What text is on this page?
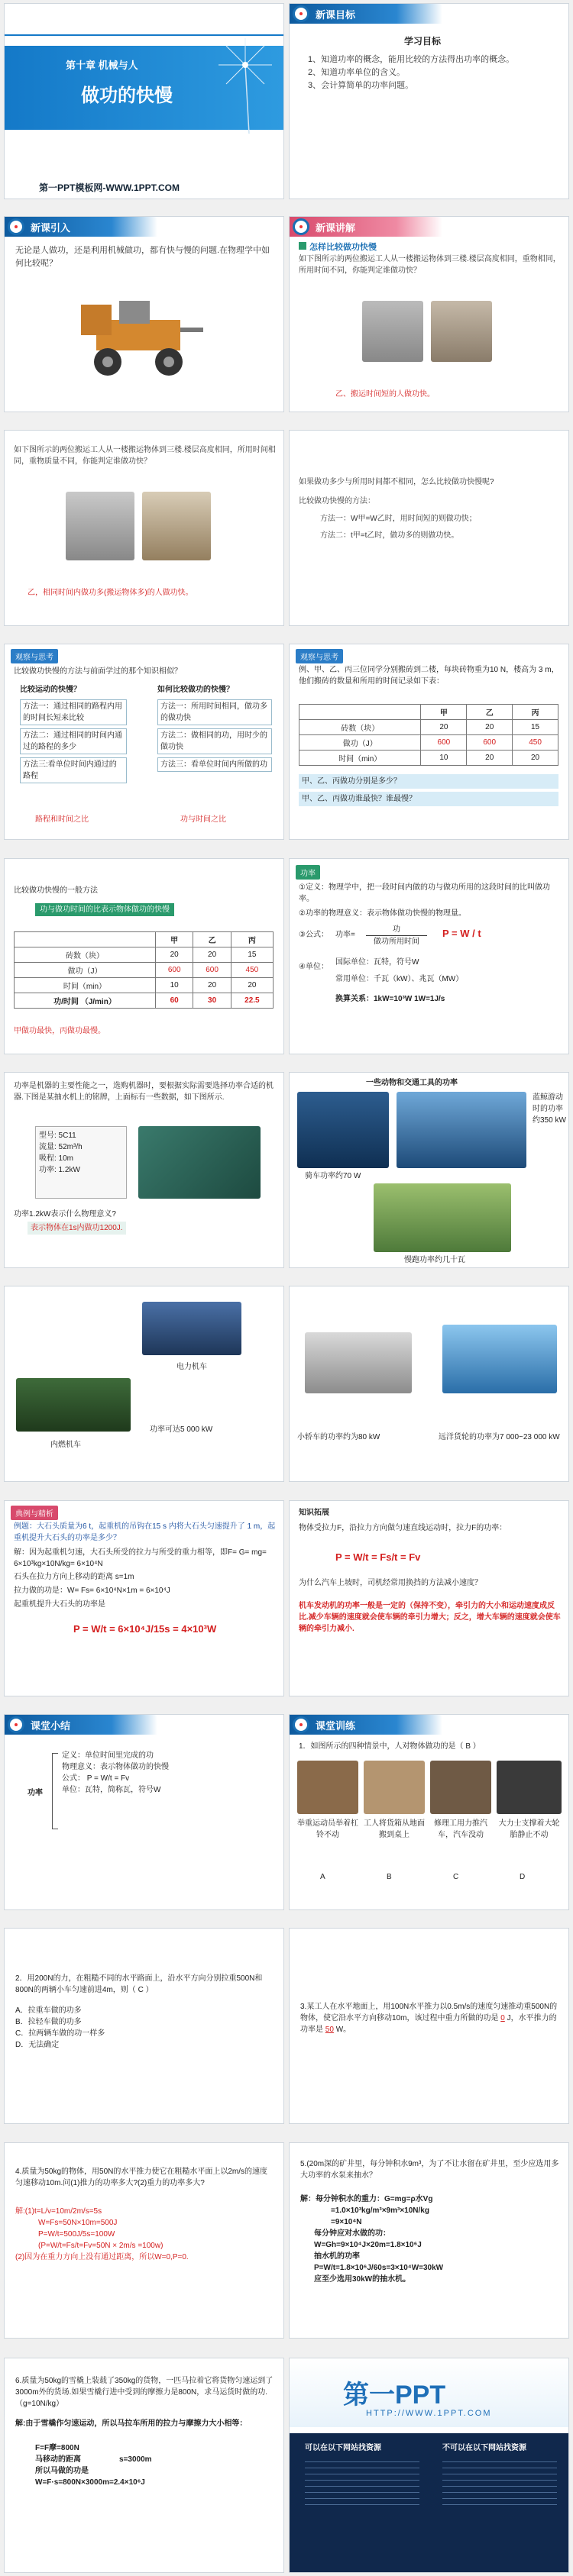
第十章 机械与人
做功的快慢
第一PPT模板网-WWW.1PPT.COM
新课目标
学习目标
1、知道功率的概念，能用比较的方法得出功率的概念。
2、知道功率单位的含义。
3、会计算简单的功率问题。
新课引入
无论是人做功，还是利用机械做功，都有快与慢的问题.在物理学中如何比较呢？
新课讲解
怎样比较做功快慢
如下图所示的两位搬运工人从一楼搬运物体到三楼.楼层高度相同，重物相同，所用时间不同，你能判定谁做功快？
乙、搬运时间短的人做功快。
如下图所示的两位搬运工人从一楼搬运物体到三楼.楼层高度相同，所用时间相同，重物质量不同，你能判定谁做功快？
乙，相同时间内做功多(搬运物体多)的人做功快。
如果做功多少与所用时间都不相同，怎么比较做功快慢呢?
比较做功快慢的方法：
方法一：W甲=W乙时，用时间短的则做功快；
方法二：t甲=t乙时，做功多的则做功快。
观察与思考
比较做功快慢的方法与前面学过的那个知识相似？
比较运动的快慢？	如何比较做功的快慢？
方法一：通过相同的路程内用的时间长短来比较
方法二：通过相同的时间内通过的路程的多少
方法三:看单位时间内通过的路程
方法一：所用时间相同，做功多的做功快
方法二：做相同的功，用时少的做功快
方法三：看单位时间内所做的功
路程和时间之比	功与时间之比
观察与思考
例、甲、乙、丙三位同学分别搬砖到二楼，每块砖物重为10 N，楼高为 3 m，他们搬砖的数量和所用的时间记录如下表：
	甲	乙	丙
砖数（块）	20	20	15
做功（J）	600	600	450
时间（min）	10	20	20
甲、乙、丙做功分别是多少？
甲、乙、丙做功谁最快？谁最慢？
比较做功快慢的一般方法
功与做功时间的比表示物体做功的快慢
	甲	乙	丙
砖数（块）	20	20	15
做功（J）	600	600	450
时间（min）	10	20	20
功/时间 （J/min）	60	30	22.5
甲做功最快，丙做功最慢。
功率
①定义：物理学中，把一段时间内做的功与做功所用的这段时间的比叫做功率。
②功率的物理意义：表示物体做功快慢的物理量。
③公式： 功率=
功
做功所用时间
P = W / t
④单位：
国际单位：瓦特，符号W
常用单位：千瓦（kW）、兆瓦（MW）
换算关系：1kW=10³W 1W=1J/s
功率是机器的主要性能之一，选购机器时，要根据实际需要选择功率合适的机器.下图是某抽水机上的铭牌，上面标有一些数据，如下图所示.
型号: 5C11
流量: 52m³/h
吸程: 10m
功率: 1.2kW
功率1.2kW表示什么物理意义?
表示物体在1s内做功1200J.
一些动物和交通工具的功率
骑车功率约70 W
蓝鲸游动时的功率约350 kW
慢跑功率约几十瓦
电力机车
功率可达5 000 kW
内燃机车
小轿车的功率约为80 kW	远洋货轮的功率为7 000~23 000 kW
典例与精析
例题：大石头质量为6 t，起重机的吊钩在15 s 内将大石头匀速提升了 1 m，起重机提升大石头的功率是多少？
解：因为起重机匀速，大石头所受的拉力与所受的重力相等，即F= G= mg= 6×10³kg×10N/kg= 6×10⁴N
石头在拉力方向上移动的距离 s=1m
拉力做的功是：W= Fs= 6×10⁴N×1m = 6×10⁴J
起重机提升大石头的功率是
P = W/t = 6×10⁴J/15s = 4×10³W
知识拓展
物体受拉力F，沿拉力方向做匀速直线运动时，拉力F的功率：
P = W/t = Fs/t = Fv
为什么汽车上坡时，司机经常用换挡的方法减小速度？
机车发动机的功率一般是一定的（保持不变），牵引力的大小和运动速度成反比.减少车辆的速度就会使车辆的牵引力增大；反之，增大车辆的速度就会使车辆的牵引力减小.
课堂小结
功率
定义：单位时间里完成的功
物理意义：表示物体做功的快慢
公式： P = W/t = Fv
单位：瓦特，简称瓦，符号W
课堂训练
1．如图所示的四种情景中，人对物体做功的是（ B ）
举重运动员举着杠铃不动
工人将货箱从地面搬到桌上
修理工用力推汽车，汽车没动
大力士支撑着大轮胎静止不动
A	B	C	D
2．用200N的力，在粗糙不同的水平路面上，沿水平方向分别拉重500N和800N的两辆小车匀速前进4m，则（ C ）
A．拉重车做的功多
B．拉轻车做的功多
C．拉两辆车做的功一样多
D．无法确定
3.某工人在水平地面上，用100N水平推力以0.5m/s的速度匀速推动重500N的物体，使它沿水平方向移动10m，该过程中重力所做的功是 0 J，水平推力的功率是 50 W。
4.质量为50kg的物体，用50N的水平推力使它在粗糙水平面上以2m/s的速度匀速移动10m.问(1)推力的功率多大?(2)重力的功率多大?
解:(1)t=L/v=10m/2m/s=5s
W=Fs=50N×10m=500J
P=W/t=500J/5s=100W
(P=W/t=Fs/t=Fv=50N × 2m/s =100w)
(2)因为在重力方向上没有通过距离，所以W=0,P=0.
5.(20m深的矿井里，每分钟积水9m³，为了不让水留在矿井里，至少应选用多大功率的水泵来抽水？
解：每分钟积水的重力：G=mg=ρ水Vg
=1.0×10³kg/m³×9m³×10N/kg
=9×10⁴N
每分钟应对水做的功：
W=Gh=9×10⁴J×20m=1.8×10⁶J
抽水机的功率
P=W/t=1.8×10⁶J/60s=3×10⁴W=30kW
应至少选用30kW的抽水机。
6.质量为50kg的雪橇上装载了350kg的货物，一匹马拉着它将货物匀速运到了3000m外的货场.如果雪橇行进中受到的摩擦力是800N，求马运货时做的功.（g=10N/kg）
解:由于雪橇作匀速运动，所以马拉车所用的拉力与摩擦力大小相等：
F=F摩=800N
马移动的距离	s=3000m
所以马做的功是
W=F·s=800N×3000m=2.4×10⁶J
第一PPT
HTTP://WWW.1PPT.COM
可以在以下网站找资源	不可以在以下网站找资源
